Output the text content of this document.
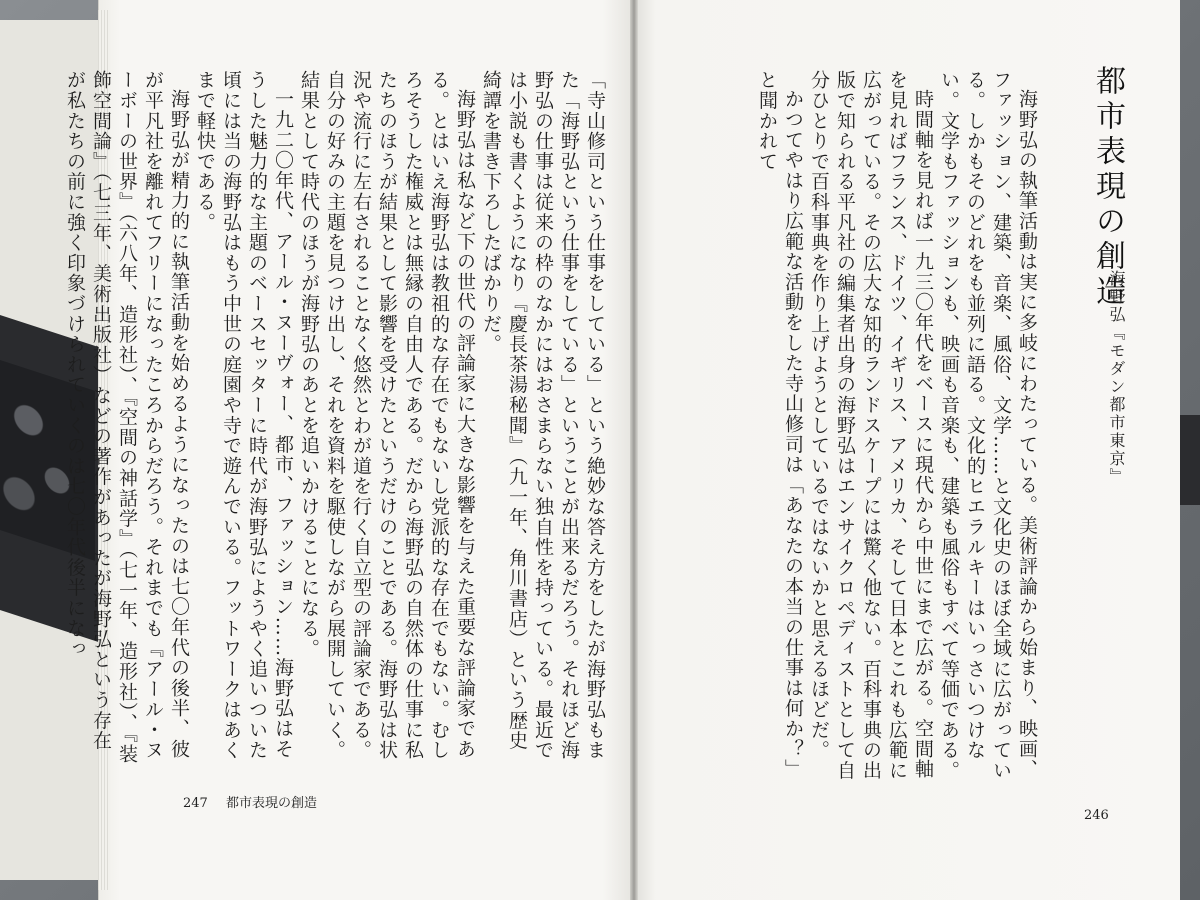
「寺山修司という仕事をしている」という絶妙な答え方をしたが海野弘もまた「海野弘という仕事をしている」ということが出来るだろう。それほど海野弘の仕事は従来の枠のなかにはおさまらない独自性を持っている。最近では小説も書くようになり『慶長茶湯秘聞』（九一年、角川書店）という歴史綺譚を書き下ろしたばかりだ。

海野弘は私など下の世代の評論家に大きな影響を与えた重要な評論家である。とはいえ海野弘は教祖的な存在でもないし党派的な存在でもない。むしろそうした権威とは無縁の自由人である。だから海野弘の自然体の仕事に私たちのほうが結果として影響を受けたというだけのことである。海野弘は状況や流行に左右されることなく悠然とわが道を行く自立型の評論家である。自分の好みの主題を見つけ出し、それを資料を駆使しながら展開していく。結果として時代のほうが海野弘のあとを追いかけることになる。

一九二〇年代、アール・ヌーヴォー、都市、ファッション……海野弘はそうした魅力的な主題のベースセッターに時代が海野弘にようやく追いついた頃には当の海野弘はもう中世の庭園や寺で遊んでいる。フットワークはあくまで軽快である。

海野弘が精力的に執筆活動を始めるようになったのは七〇年代の後半、彼が平凡社を離れてフリーになったころからだろう。それまでも『アール・ヌーボーの世界』（六八年、造形社）、『空間の神話学』（七一年、造形社）、『装飾空間論』（七三年、美術出版社）などの著作があったが海野弘という存在が私たちの前に強く印象づけられていくのは七〇年代後半になっ

247 都市表現の創造
都市表現の創造
海野弘『モダン都市東京』

海野弘の執筆活動は実に多岐にわたっている。美術評論から始まり、映画、ファッション、建築、音楽、風俗、文学……と文化史のほぼ全域に広がっている。しかもそのどれをも並列に語る。文化的ヒエラルキーはいっさいつけない。文学もファッションも、映画も音楽も、建築も風俗もすべて等価である。

時間軸を見れば一九三〇年代をベースに現代から中世にまで広がる。空間軸を見ればフランス、ドイツ、イギリス、アメリカ、そして日本とこれも広範に広がっている。その広大な知的ランドスケープには驚く他ない。百科事典の出版で知られる平凡社の編集者出身の海野弘はエンサイクロペディストとして自分ひとりで百科事典を作り上げようとしているではないかと思えるほどだ。

かつてやはり広範な活動をした寺山修司は「あなたの本当の仕事は何か？」と聞かれて

246
